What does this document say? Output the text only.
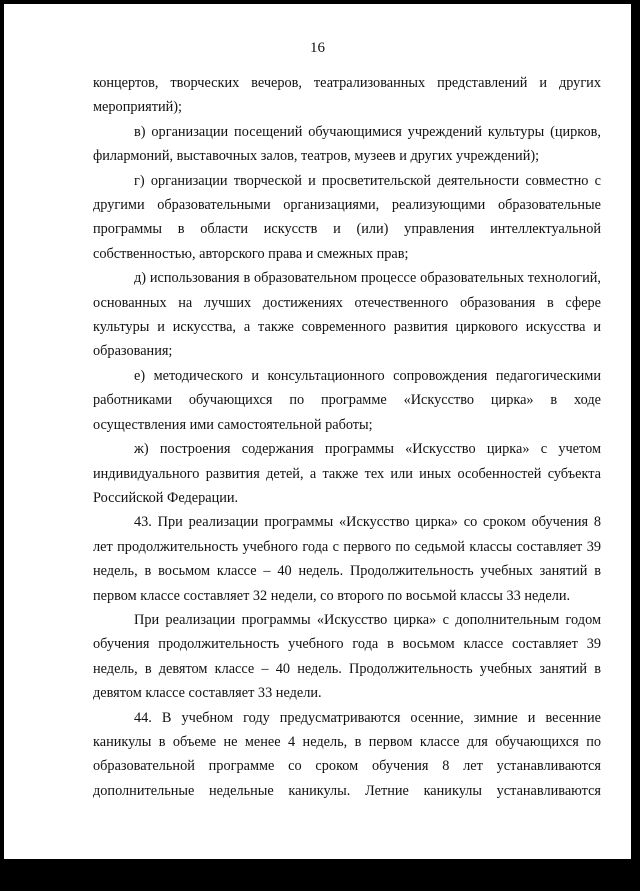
16

концертов, творческих вечеров, театрализованных представлений и других мероприятий);

в) организации посещений обучающимися учреждений культуры (цирков, филармоний, выставочных залов, театров, музеев и других учреждений);

г) организации творческой и просветительской деятельности совместно с другими образовательными организациями, реализующими образовательные программы в области искусств и (или) управления интеллектуальной собственностью, авторского права и смежных прав;

д) использования в образовательном процессе образовательных технологий, основанных на лучших достижениях отечественного образования в сфере культуры и искусства, а также современного развития циркового искусства и образования;

е) методического и консультационного сопровождения педагогическими работниками обучающихся по программе «Искусство цирка» в ходе осуществления ими самостоятельной работы;

ж) построения содержания программы «Искусство цирка» с учетом индивидуального развития детей, а также тех или иных особенностей субъекта Российской Федерации.

43. При реализации программы «Искусство цирка» со сроком обучения 8 лет продолжительность учебного года с первого по седьмой классы составляет 39 недель, в восьмом классе – 40 недель. Продолжительность учебных занятий в первом классе составляет 32 недели, со второго по восьмой классы 33 недели.

При реализации программы «Искусство цирка» с дополнительным годом обучения продолжительность учебного года в восьмом классе составляет 39 недель, в девятом классе – 40 недель. Продолжительность учебных занятий в девятом классе составляет 33 недели.

44. В учебном году предусматриваются осенние, зимние и весенние каникулы в объеме не менее 4 недель, в первом классе для обучающихся по образовательной программе со сроком обучения 8 лет устанавливаются дополнительные недельные каникулы. Летние каникулы устанавливаются
